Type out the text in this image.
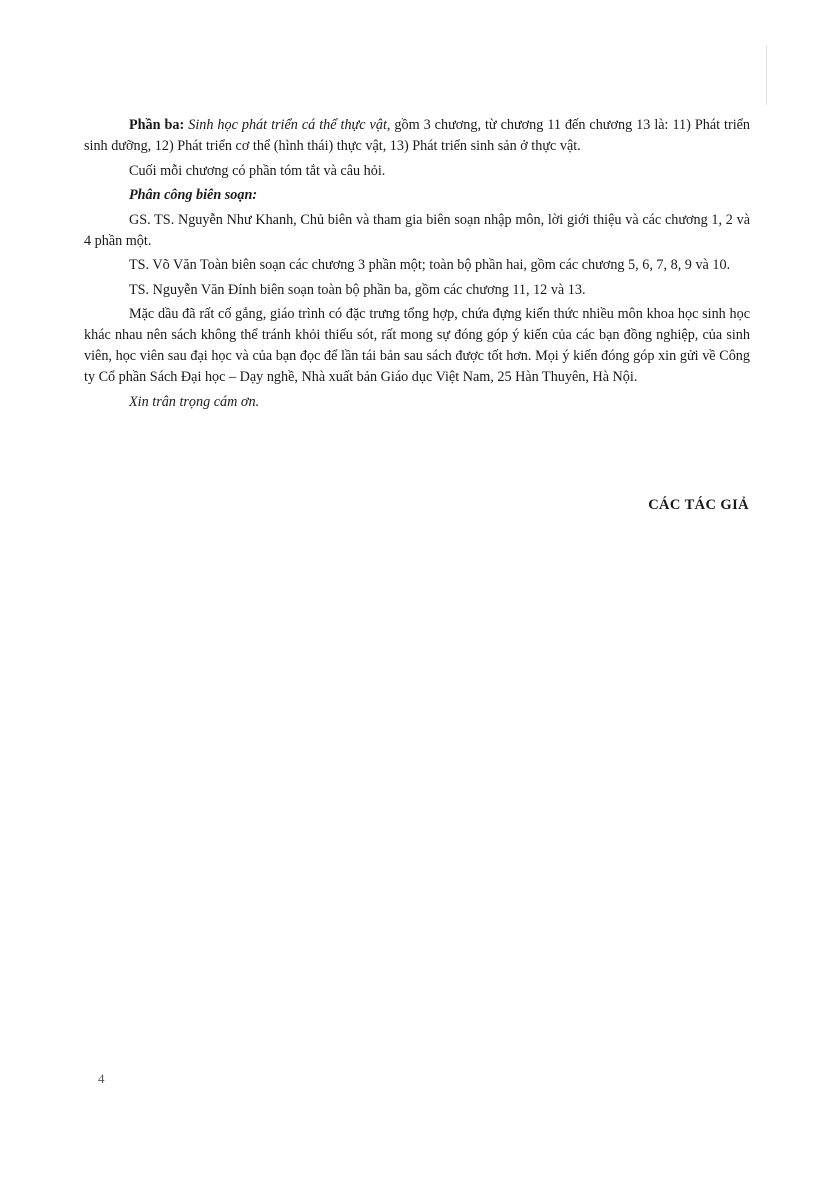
Phần ba: Sinh học phát triển cá thể thực vật, gồm 3 chương, từ chương 11 đến chương 13 là: 11) Phát triển sinh dưỡng, 12) Phát triển cơ thể (hình thái) thực vật, 13) Phát triển sinh sản ở thực vật.

Cuối mỗi chương có phần tóm tắt và câu hỏi.

Phân công biên soạn:

GS. TS. Nguyễn Như Khanh, Chủ biên và tham gia biên soạn nhập môn, lời giới thiệu và các chương 1, 2 và 4 phần một.

TS. Võ Văn Toàn biên soạn các chương 3 phần một; toàn bộ phần hai, gồm các chương 5, 6, 7, 8, 9 và 10.

TS. Nguyễn Văn Đính biên soạn toàn bộ phần ba, gồm các chương 11, 12 và 13.

Mặc dầu đã rất cố gắng, giáo trình có đặc trưng tổng hợp, chứa đựng kiến thức nhiều môn khoa học sinh học khác nhau nên sách không thể tránh khỏi thiếu sót, rất mong sự đóng góp ý kiến của các bạn đồng nghiệp, của sinh viên, học viên sau đại học và của bạn đọc để lần tái bản sau sách được tốt hơn. Mọi ý kiến đóng góp xin gửi về Công ty Cổ phần Sách Đại học – Dạy nghề, Nhà xuất bản Giáo dục Việt Nam, 25 Hàn Thuyên, Hà Nội.

Xin trân trọng cám ơn.

CÁC TÁC GIẢ
4
